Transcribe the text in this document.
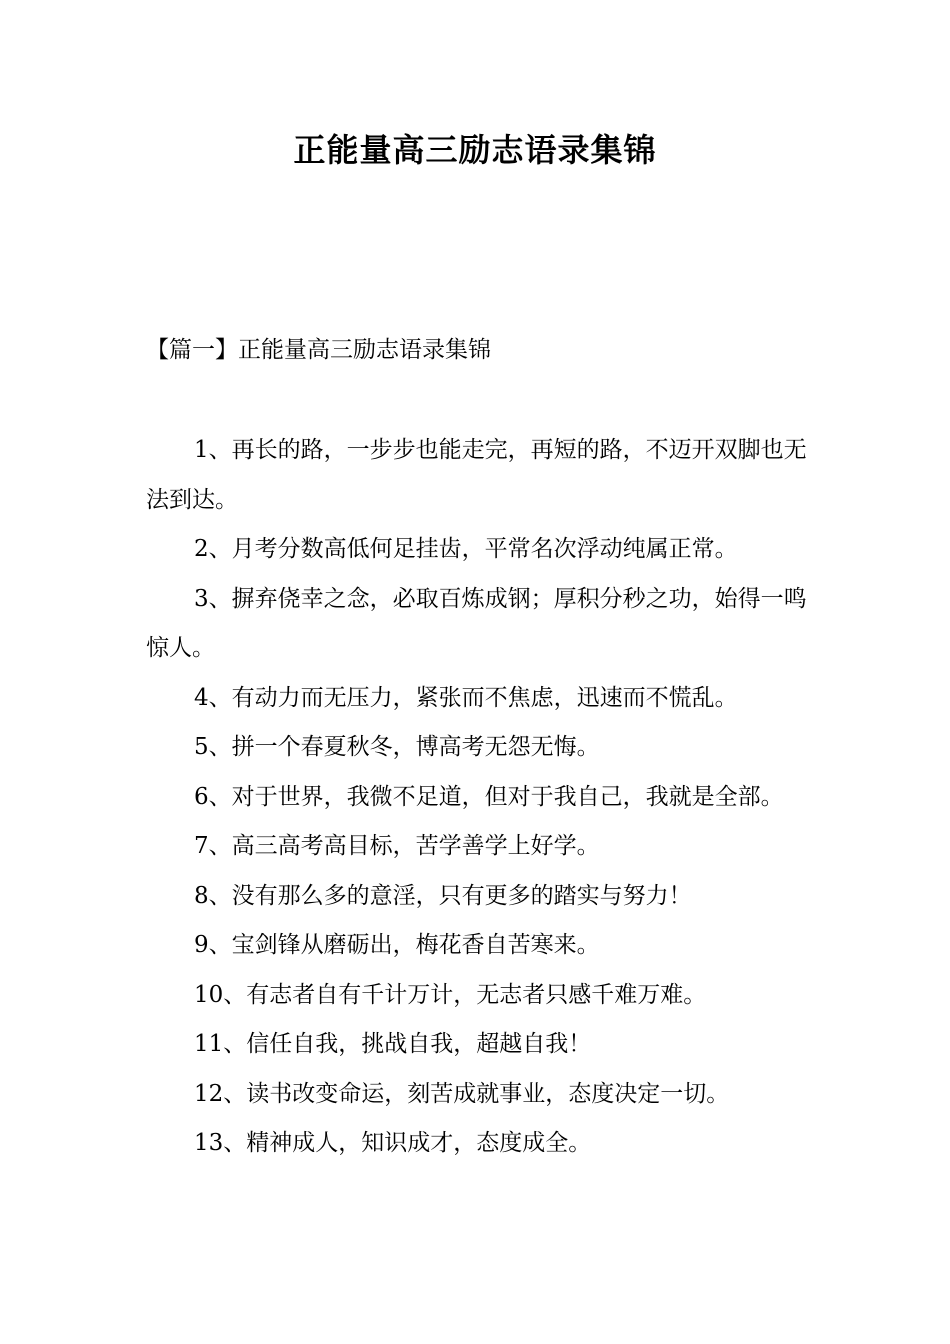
正能量高三励志语录集锦

【篇一】正能量高三励志语录集锦

1、再长的路，一步步也能走完，再短的路，不迈开双脚也无法到达。
2、月考分数高低何足挂齿，平常名次浮动纯属正常。
3、摒弃侥幸之念，必取百炼成钢；厚积分秒之功，始得一鸣惊人。
4、有动力而无压力，紧张而不焦虑，迅速而不慌乱。
5、拼一个春夏秋冬，博高考无怨无悔。
6、对于世界，我微不足道，但对于我自己，我就是全部。
7、高三高考高目标，苦学善学上好学。
8、没有那么多的意淫，只有更多的踏实与努力！
9、宝剑锋从磨砺出，梅花香自苦寒来。
10、有志者自有千计万计，无志者只感千难万难。
11、信任自我，挑战自我，超越自我！
12、读书改变命运，刻苦成就事业，态度决定一切。
13、精神成人，知识成才，态度成全。
